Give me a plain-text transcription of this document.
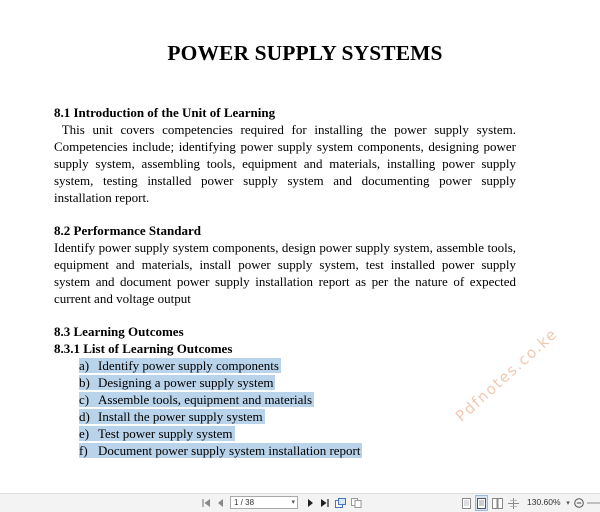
POWER SUPPLY SYSTEMS

8.1 Introduction of the Unit of Learning

This unit covers competencies required for installing the power supply system. Competencies include; identifying power supply system components, designing power supply system, assembling tools, equipment and materials, installing power supply system, testing installed power supply system and documenting power supply installation report.

8.2 Performance Standard

Identify power supply system components, design power supply system, assemble tools, equipment and materials, install power supply system, test installed power supply system and document power supply installation report as per the nature of expected current and voltage output

8.3 Learning Outcomes

8.3.1 List of Learning Outcomes

a) Identify power supply components
b) Designing a power supply system
c) Assemble tools, equipment and materials
d) Install the power supply system
e) Test power supply system
f) Document power supply system installation report
Pdfnotes.co.ke
1 / 38	▾	130.60% ▾
